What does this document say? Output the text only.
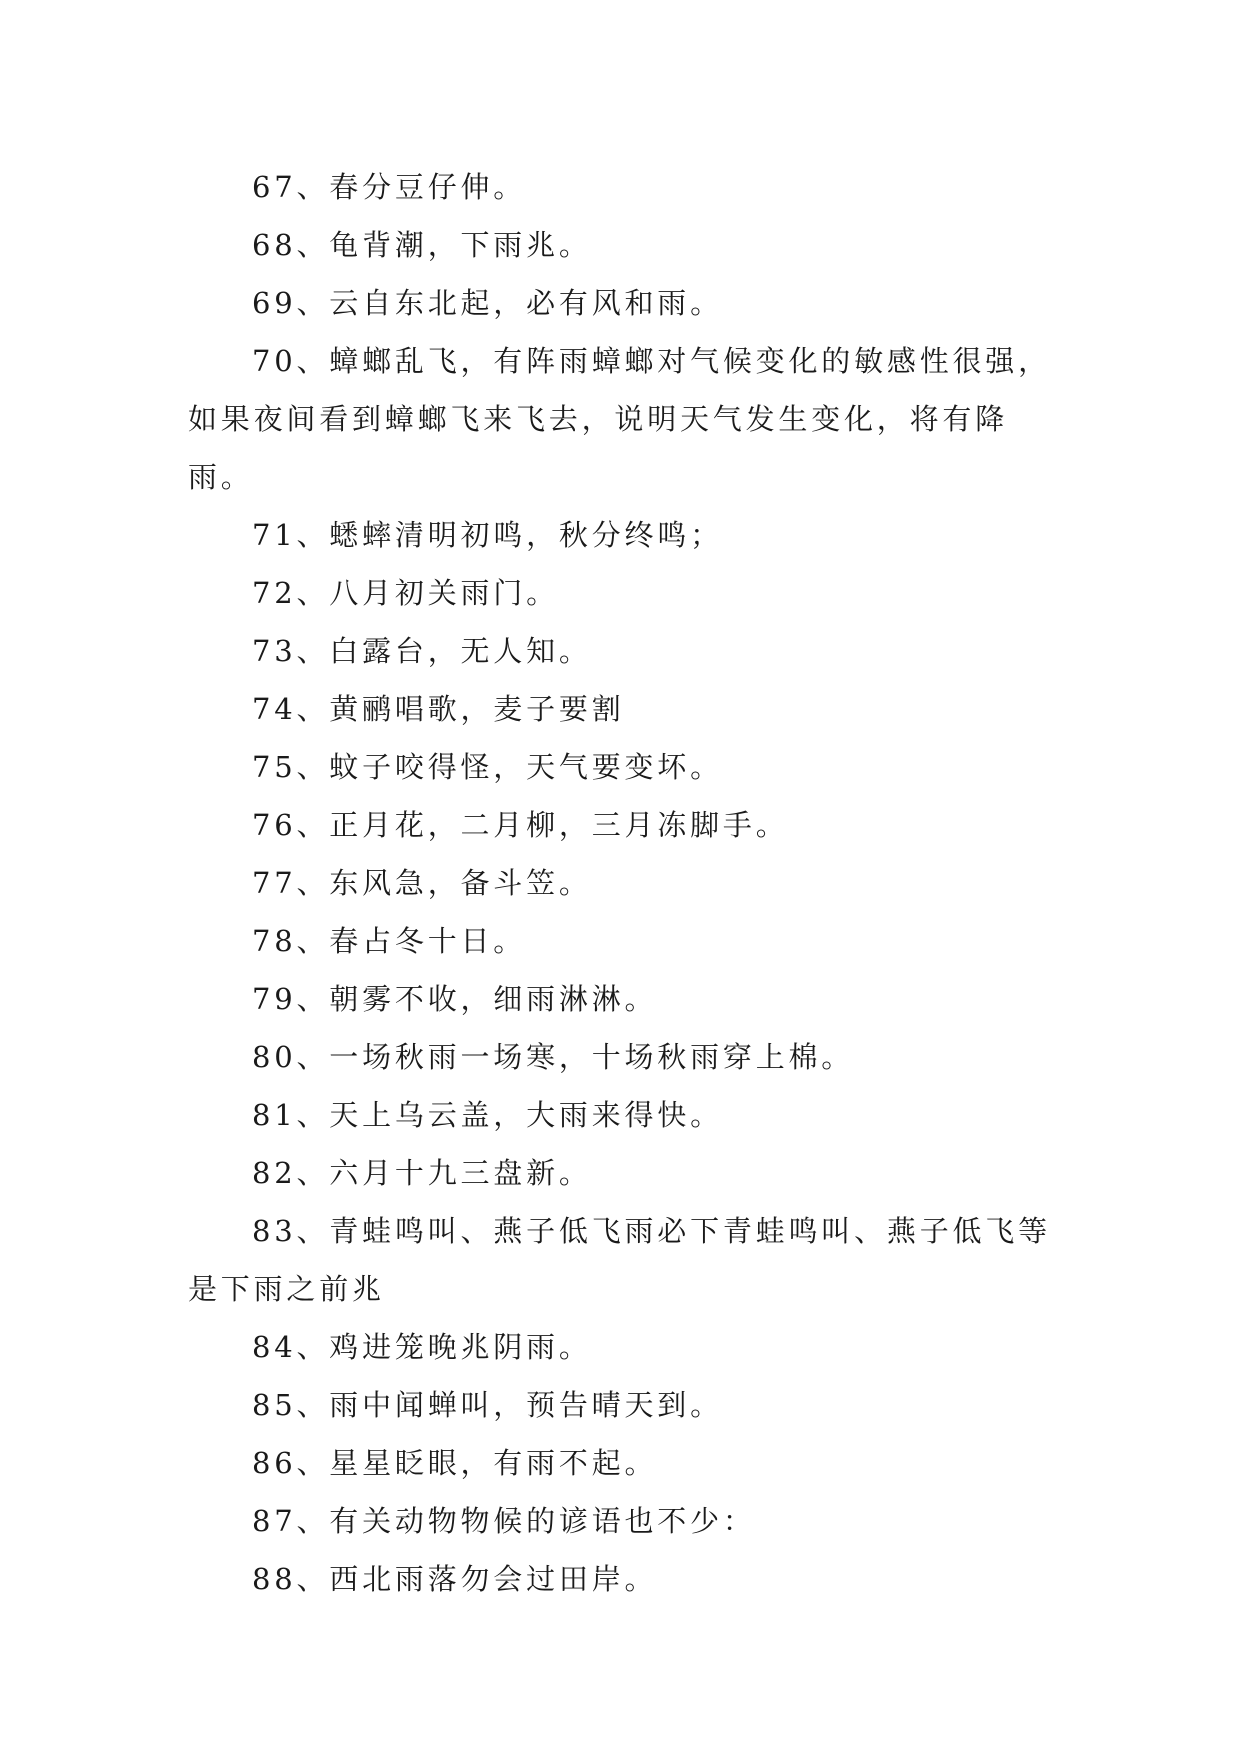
67、春分豆仔伸。

68、龟背潮，下雨兆。

69、云自东北起，必有风和雨。

70、蟑螂乱飞，有阵雨蟑螂对气候变化的敏感性很强，如果夜间看到蟑螂飞来飞去，说明天气发生变化，将有降雨。

71、蟋蟀清明初鸣，秋分终鸣；

72、八月初关雨门。

73、白露台，无人知。

74、黄鹂唱歌，麦子要割

75、蚊子咬得怪，天气要变坏。

76、正月花，二月柳，三月冻脚手。

77、东风急，备斗笠。

78、春占冬十日。

79、朝雾不收，细雨淋淋。

80、一场秋雨一场寒，十场秋雨穿上棉。

81、天上乌云盖，大雨来得快。

82、六月十九三盘新。

83、青蛙鸣叫、燕子低飞雨必下青蛙鸣叫、燕子低飞等是下雨之前兆

84、鸡进笼晚兆阴雨。

85、雨中闻蝉叫，预告晴天到。

86、星星眨眼，有雨不起。

87、有关动物物候的谚语也不少：

88、西北雨落勿会过田岸。
